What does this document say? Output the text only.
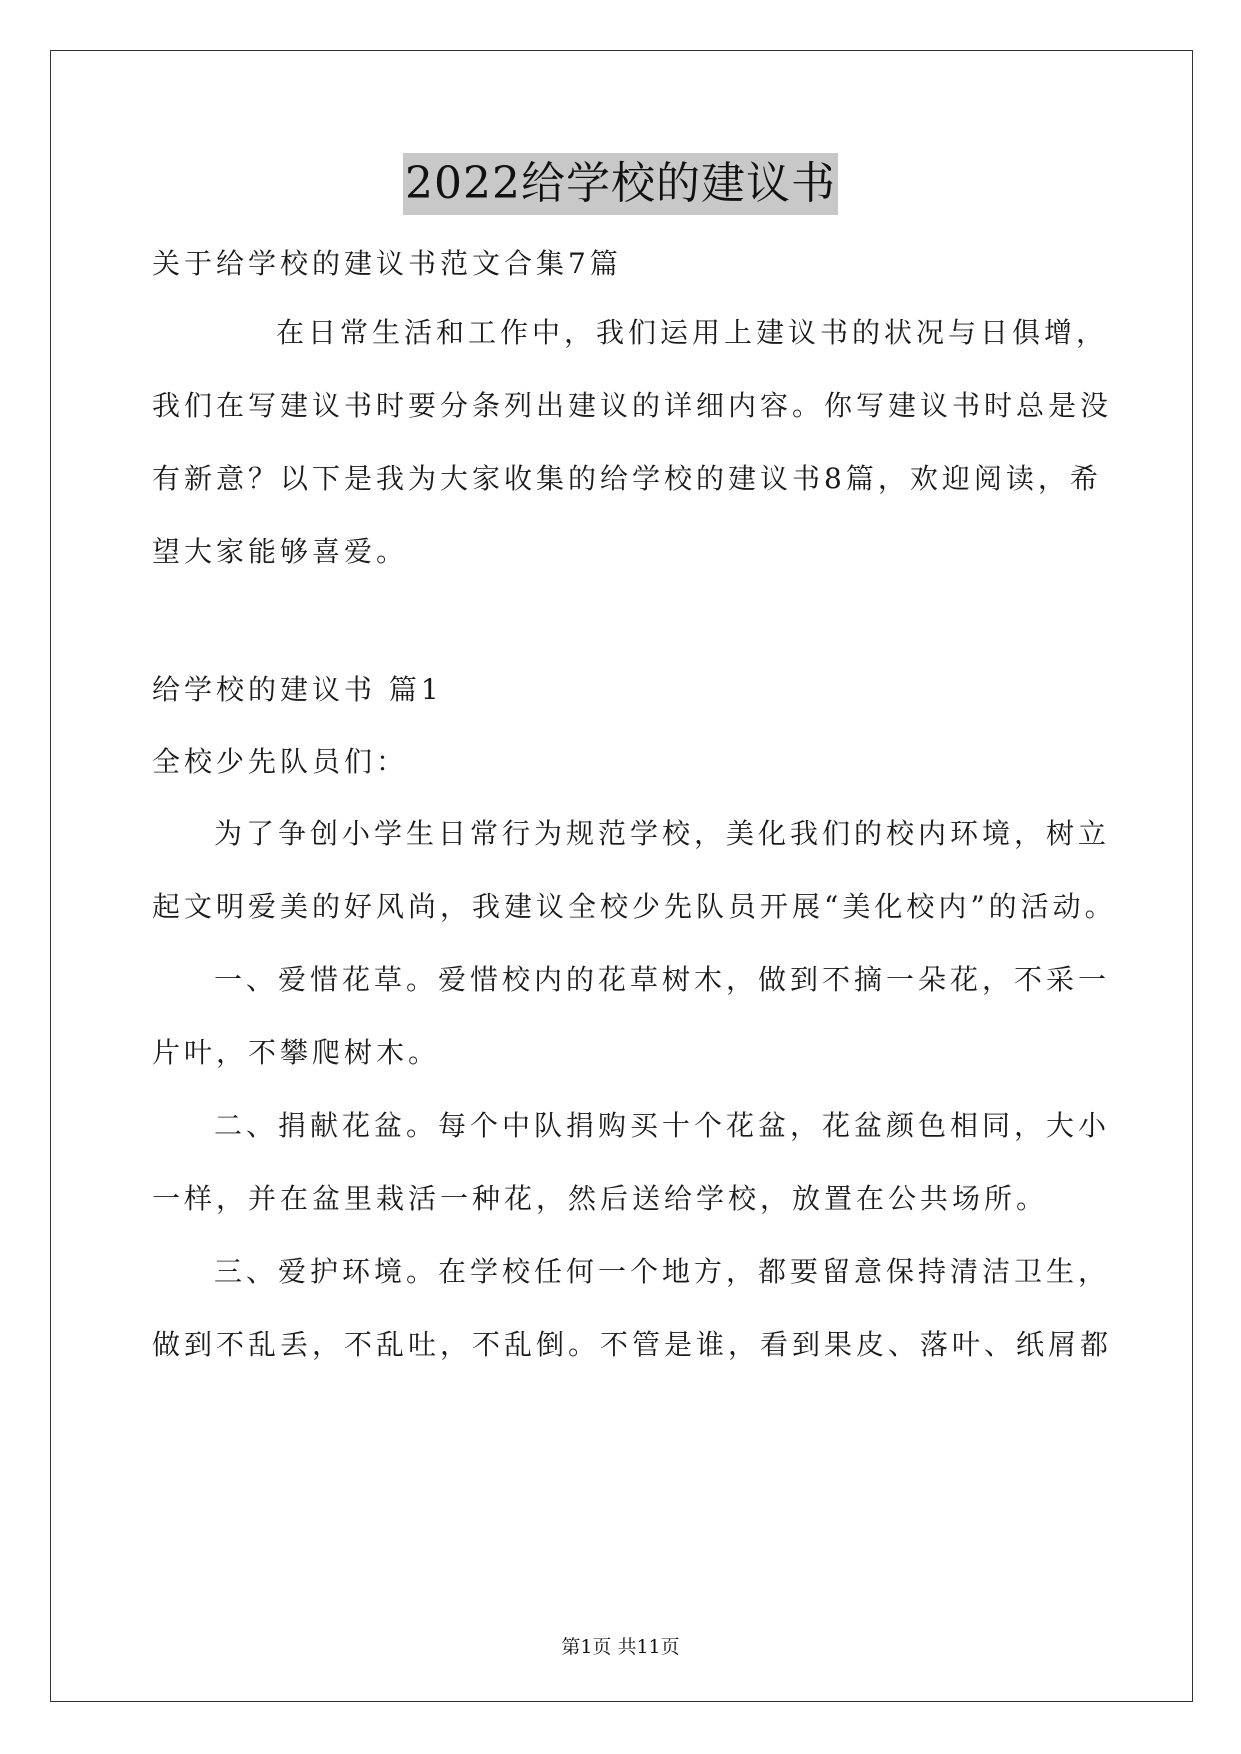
2022给学校的建议书
关于给学校的建议书范文合集7篇
在日常生活和工作中，我们运用上建议书的状况与日俱增，
我们在写建议书时要分条列出建议的详细内容。你写建议书时总是没
有新意？以下是我为大家收集的给学校的建议书8篇，欢迎阅读，希
望大家能够喜爱。
给学校的建议书 篇1
全校少先队员们：
为了争创小学生日常行为规范学校，美化我们的校内环境，树立
起文明爱美的好风尚，我建议全校少先队员开展“美化校内”的活动。
一、爱惜花草。爱惜校内的花草树木，做到不摘一朵花，不采一
片叶，不攀爬树木。
二、捐献花盆。每个中队捐购买十个花盆，花盆颜色相同，大小
一样，并在盆里栽活一种花，然后送给学校，放置在公共场所。
三、爱护环境。在学校任何一个地方，都要留意保持清洁卫生，
做到不乱丢，不乱吐，不乱倒。不管是谁，看到果皮、落叶、纸屑都
第1页 共11页
